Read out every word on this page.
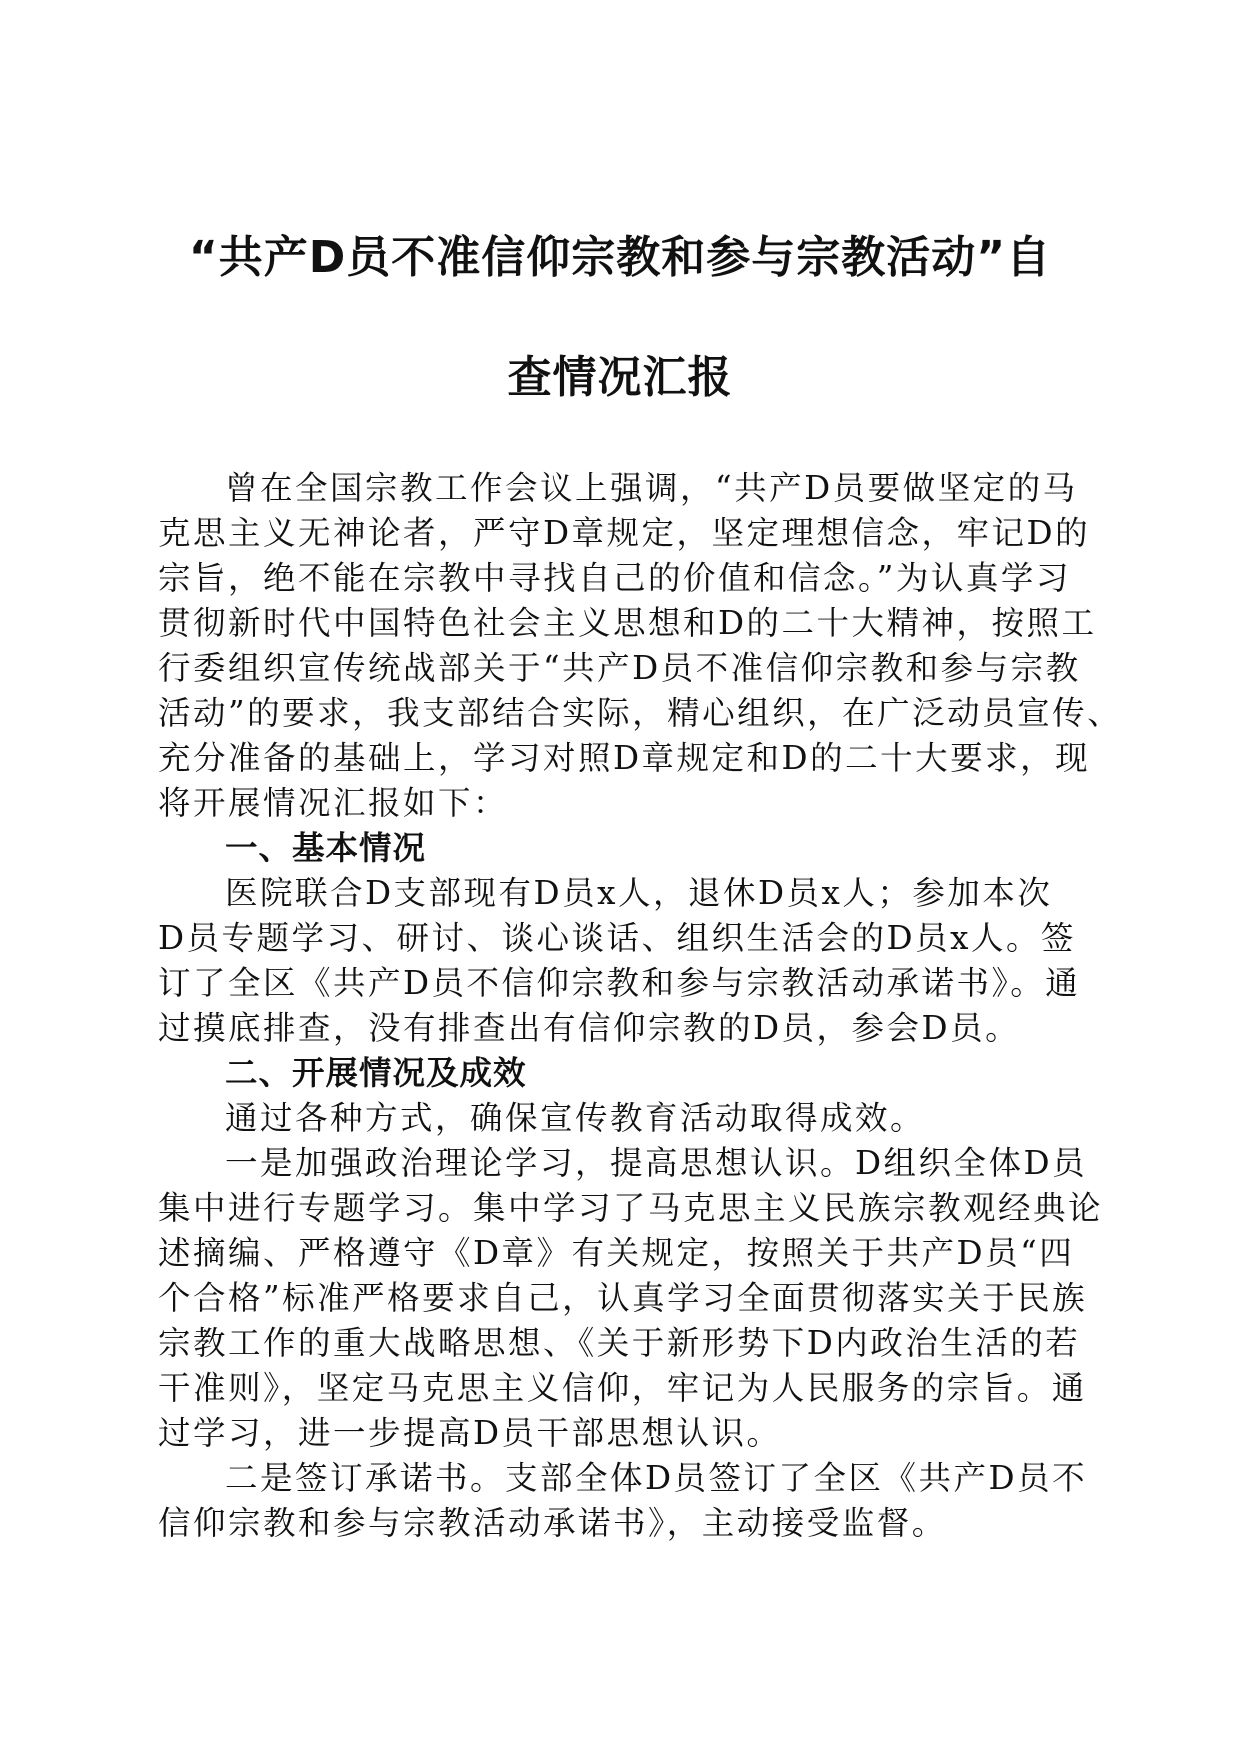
“共产D员不准信仰宗教和参与宗教活动”自
查情况汇报
曾在全国宗教工作会议上强调，“共产D员要做坚定的马
克思主义无神论者，严守D章规定，坚定理想信念，牢记D的
宗旨，绝不能在宗教中寻找自己的价值和信念。”为认真学习
贯彻新时代中国特色社会主义思想和D的二十大精神，按照工
行委组织宣传统战部关于“共产D员不准信仰宗教和参与宗教
活动”的要求，我支部结合实际，精心组织，在广泛动员宣传、
充分准备的基础上，学习对照D章规定和D的二十大要求，现
将开展情况汇报如下：
一、基本情况
医院联合D支部现有D员x人，退休D员x人；参加本次
D员专题学习、研讨、谈心谈话、组织生活会的D员x人。签
订了全区《共产D员不信仰宗教和参与宗教活动承诺书》。通
过摸底排查，没有排查出有信仰宗教的D员，参会D员。
二、开展情况及成效
通过各种方式，确保宣传教育活动取得成效。
一是加强政治理论学习，提高思想认识。D组织全体D员
集中进行专题学习。集中学习了马克思主义民族宗教观经典论
述摘编、严格遵守《D章》有关规定，按照关于共产D员“四
个合格”标准严格要求自己，认真学习全面贯彻落实关于民族
宗教工作的重大战略思想、《关于新形势下D内政治生活的若
干准则》，坚定马克思主义信仰，牢记为人民服务的宗旨。通
过学习，进一步提高D员干部思想认识。
二是签订承诺书。支部全体D员签订了全区《共产D员不
信仰宗教和参与宗教活动承诺书》，主动接受监督。
